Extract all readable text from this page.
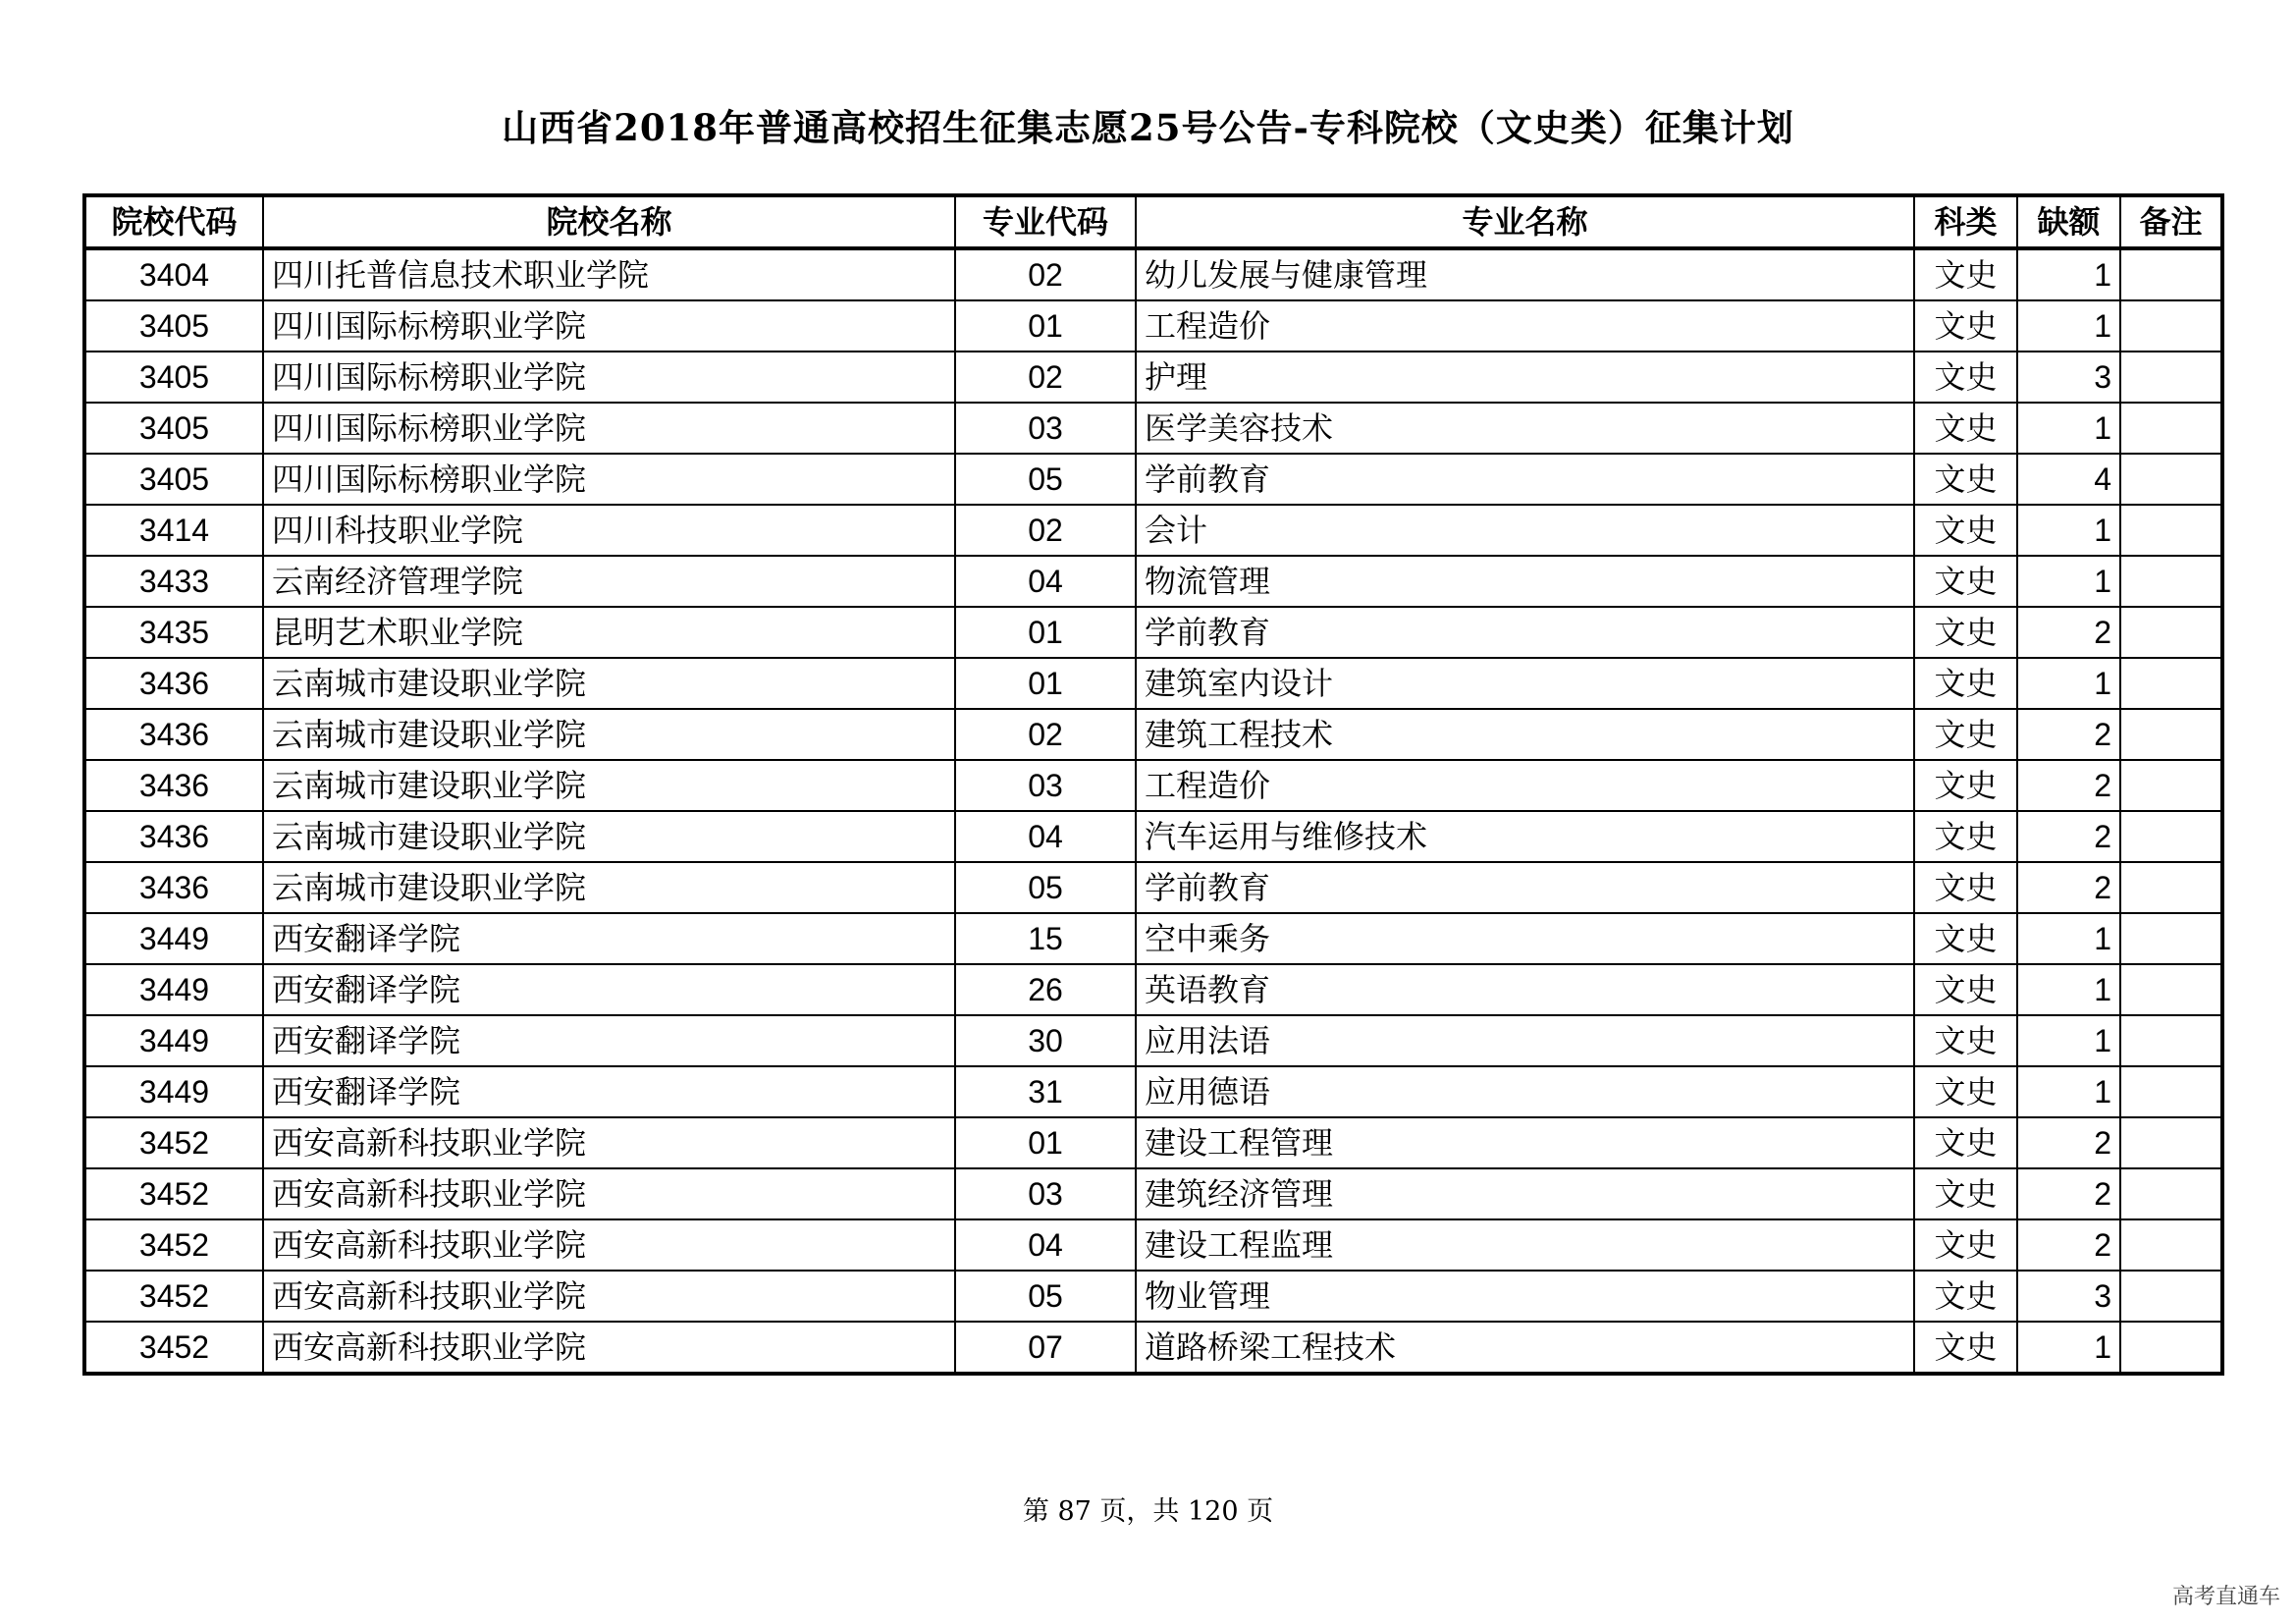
山西省2018年普通高校招生征集志愿25号公告-专科院校（文史类）征集计划
院校代码	院校名称	专业代码	专业名称	科类	缺额	备注
3404	四川托普信息技术职业学院	02	幼儿发展与健康管理	文史	1	
3405	四川国际标榜职业学院	01	工程造价	文史	1	
3405	四川国际标榜职业学院	02	护理	文史	3	
3405	四川国际标榜职业学院	03	医学美容技术	文史	1	
3405	四川国际标榜职业学院	05	学前教育	文史	4	
3414	四川科技职业学院	02	会计	文史	1	
3433	云南经济管理学院	04	物流管理	文史	1	
3435	昆明艺术职业学院	01	学前教育	文史	2	
3436	云南城市建设职业学院	01	建筑室内设计	文史	1	
3436	云南城市建设职业学院	02	建筑工程技术	文史	2	
3436	云南城市建设职业学院	03	工程造价	文史	2	
3436	云南城市建设职业学院	04	汽车运用与维修技术	文史	2	
3436	云南城市建设职业学院	05	学前教育	文史	2	
3449	西安翻译学院	15	空中乘务	文史	1	
3449	西安翻译学院	26	英语教育	文史	1	
3449	西安翻译学院	30	应用法语	文史	1	
3449	西安翻译学院	31	应用德语	文史	1	
3452	西安高新科技职业学院	01	建设工程管理	文史	2	
3452	西安高新科技职业学院	03	建筑经济管理	文史	2	
3452	西安高新科技职业学院	04	建设工程监理	文史	2	
3452	西安高新科技职业学院	05	物业管理	文史	3	
3452	西安高新科技职业学院	07	道路桥梁工程技术	文史	1	
第 87 页，共 120 页
高考直通车
